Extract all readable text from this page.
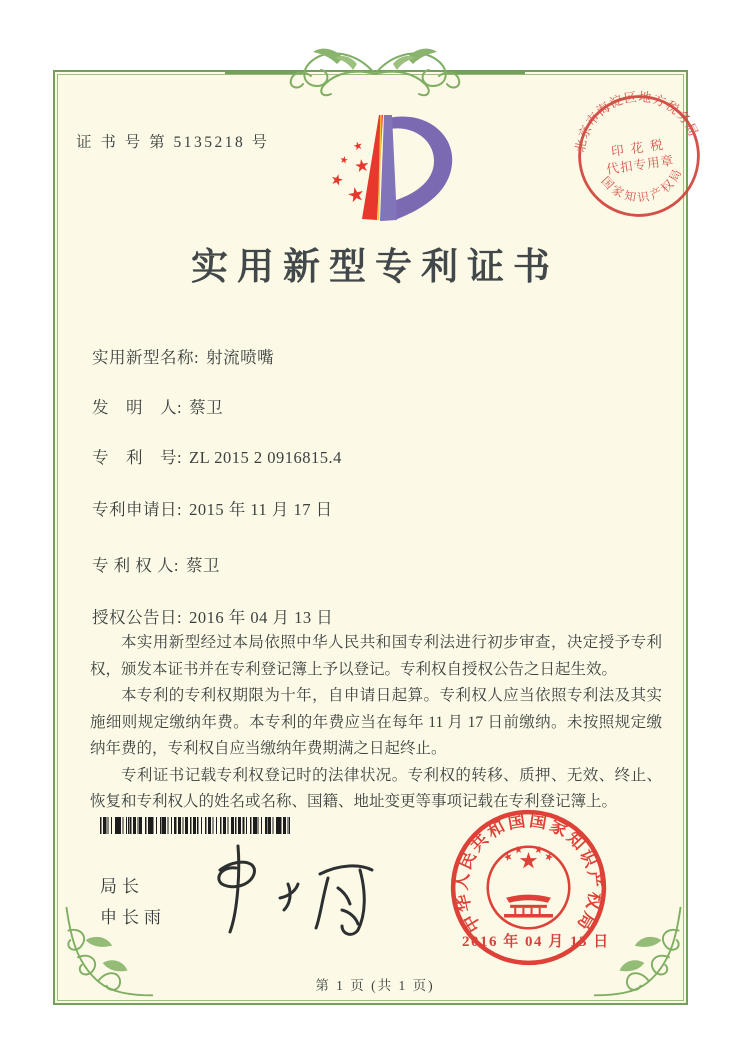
证 书 号 第 5135218 号	北京市海淀区地方税务局
国家知识产权局
印 花 税
代扣专用章
实用新型专利证书
实用新型名称: 射流喷嘴
发　明　人: 蔡卫
专　利　号: ZL 2015 2 0916815.4
专利申请日: 2015 年 11 月 17 日
专 利 权 人: 蔡卫
授权公告日: 2016 年 04 月 13 日

本实用新型经过本局依照中华人民共和国专利法进行初步审查，决定授予专利权，颁发本证书并在专利登记簿上予以登记。专利权自授权公告之日起生效。

本专利的专利权期限为十年，自申请日起算。专利权人应当依照专利法及其实施细则规定缴纳年费。本专利的年费应当在每年 11 月 17 日前缴纳。未按照规定缴纳年费的，专利权自应当缴纳年费期满之日起终止。

专利证书记载专利权登记时的法律状况。专利权的转移、质押、无效、终止、恢复和专利权人的姓名或名称、国籍、地址变更等事项记载在专利登记簿上。

局长
申长雨	中华人民共和国国家知识产权局
2016 年 04 月 13 日
第 1 页 (共 1 页)
